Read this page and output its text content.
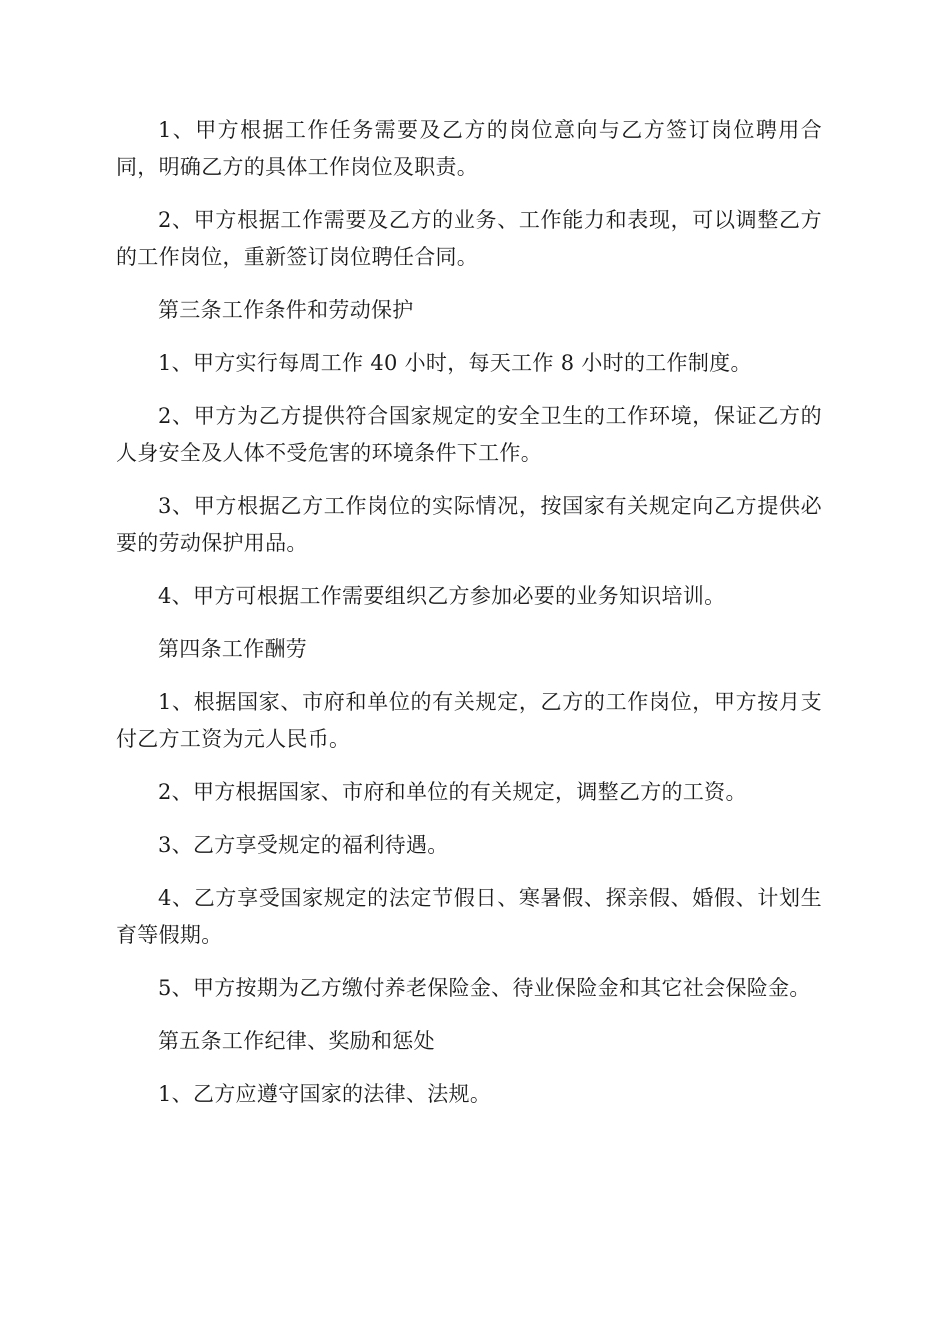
1、甲方根据工作任务需要及乙方的岗位意向与乙方签订岗位聘用合同，明确乙方的具体工作岗位及职责。

2、甲方根据工作需要及乙方的业务、工作能力和表现，可以调整乙方的工作岗位，重新签订岗位聘任合同。

第三条工作条件和劳动保护

1、甲方实行每周工作 40 小时，每天工作 8 小时的工作制度。

2、甲方为乙方提供符合国家规定的安全卫生的工作环境，保证乙方的人身安全及人体不受危害的环境条件下工作。

3、甲方根据乙方工作岗位的实际情况，按国家有关规定向乙方提供必要的劳动保护用品。

4、甲方可根据工作需要组织乙方参加必要的业务知识培训。

第四条工作酬劳

1、根据国家、市府和单位的有关规定，乙方的工作岗位，甲方按月支付乙方工资为元人民币。

2、甲方根据国家、市府和单位的有关规定，调整乙方的工资。

3、乙方享受规定的福利待遇。

4、乙方享受国家规定的法定节假日、寒暑假、探亲假、婚假、计划生育等假期。

5、甲方按期为乙方缴付养老保险金、待业保险金和其它社会保险金。

第五条工作纪律、奖励和惩处

1、乙方应遵守国家的法律、法规。
